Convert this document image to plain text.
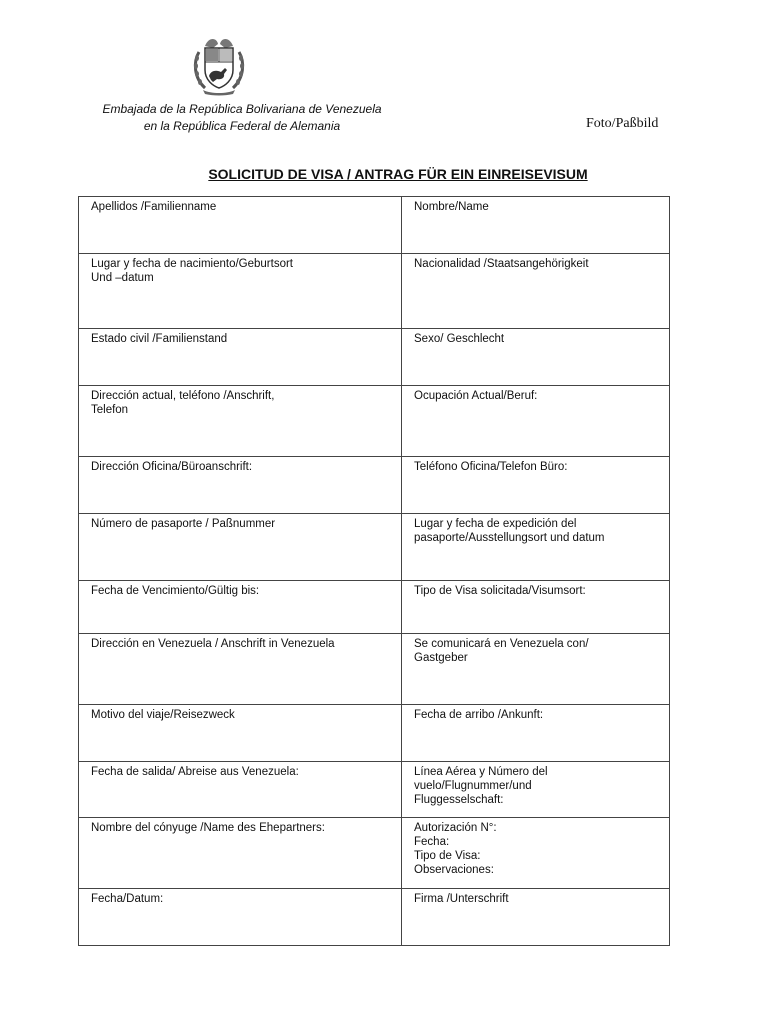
Embajada de la República Bolivariana de Venezuela
en la República Federal de Alemania	Foto/Paßbild
SOLICITUD DE VISA / ANTRAG FÜR EIN EINREISEVISUM
Apellidos /Familienname	Nombre/Name

Lugar y fecha de nacimiento/Geburtsort
Und –datum	Nacionalidad /Staatsangehörigkeit

Estado civil /Familienstand	Sexo/ Geschlecht

Dirección actual, teléfono /Anschrift,
Telefon	Ocupación Actual/Beruf:

Dirección Oficina/Büroanschrift:	Teléfono Oficina/Telefon Büro:

Número de pasaporte / Paßnummer	Lugar y fecha de expedición del
pasaporte/Ausstellungsort und datum

Fecha de Vencimiento/Gültig bis:	Tipo de Visa solicitada/Visumsort:

Dirección en Venezuela / Anschrift in Venezuela	Se comunicará en Venezuela con/
Gastgeber

Motivo del viaje/Reisezweck	Fecha de arribo /Ankunft:

Fecha de salida/ Abreise aus Venezuela:	Línea Aérea y Número del vuelo/Flugnummer/und
Fluggesselschaft:

Nombre del cónyuge /Name des Ehepartners:	Autorización N°:
Fecha:
Tipo de Visa:
Observaciones:

Fecha/Datum:	Firma /Unterschrift
